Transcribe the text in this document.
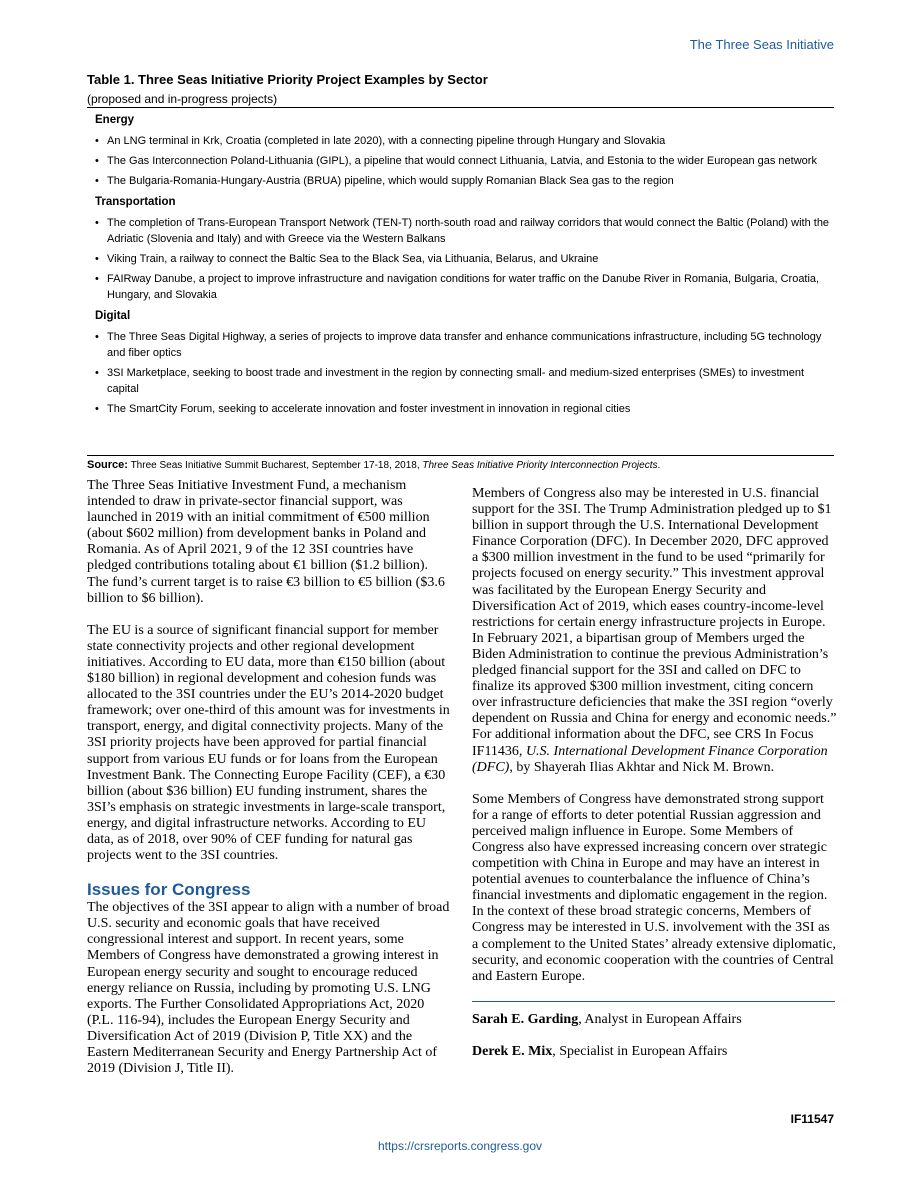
The Three Seas Initiative
Table 1. Three Seas Initiative Priority Project Examples by Sector
(proposed and in-progress projects)
Energy
• An LNG terminal in Krk, Croatia (completed in late 2020), with a connecting pipeline through Hungary and Slovakia
• The Gas Interconnection Poland-Lithuania (GIPL), a pipeline that would connect Lithuania, Latvia, and Estonia to the wider European gas network
• The Bulgaria-Romania-Hungary-Austria (BRUA) pipeline, which would supply Romanian Black Sea gas to the region
Transportation
• The completion of Trans-European Transport Network (TEN-T) north-south road and railway corridors that would connect the Baltic (Poland) with the Adriatic (Slovenia and Italy) and with Greece via the Western Balkans
• Viking Train, a railway to connect the Baltic Sea to the Black Sea, via Lithuania, Belarus, and Ukraine
• FAIRway Danube, a project to improve infrastructure and navigation conditions for water traffic on the Danube River in Romania, Bulgaria, Croatia, Hungary, and Slovakia
Digital
• The Three Seas Digital Highway, a series of projects to improve data transfer and enhance communications infrastructure, including 5G technology and fiber optics
• 3SI Marketplace, seeking to boost trade and investment in the region by connecting small- and medium-sized enterprises (SMEs) to investment capital
• The SmartCity Forum, seeking to accelerate innovation and foster investment in innovation in regional cities
Source: Three Seas Initiative Summit Bucharest, September 17-18, 2018, Three Seas Initiative Priority Interconnection Projects.

The Three Seas Initiative Investment Fund, a mechanism intended to draw in private-sector financial support, was launched in 2019 with an initial commitment of €500 million (about $602 million) from development banks in Poland and Romania. As of April 2021, 9 of the 12 3SI countries have pledged contributions totaling about €1 billion ($1.2 billion). The fund’s current target is to raise €3 billion to €5 billion ($3.6 billion to $6 billion).

The EU is a source of significant financial support for member state connectivity projects and other regional development initiatives. According to EU data, more than €150 billion (about $180 billion) in regional development and cohesion funds was allocated to the 3SI countries under the EU’s 2014-2020 budget framework; over one-third of this amount was for investments in transport, energy, and digital connectivity projects. Many of the 3SI priority projects have been approved for partial financial support from various EU funds or for loans from the European Investment Bank. The Connecting Europe Facility (CEF), a €30 billion (about $36 billion) EU funding instrument, shares the 3SI’s emphasis on strategic investments in large-scale transport, energy, and digital infrastructure networks. According to EU data, as of 2018, over 90% of CEF funding for natural gas projects went to the 3SI countries.

Issues for Congress

The objectives of the 3SI appear to align with a number of broad U.S. security and economic goals that have received congressional interest and support. In recent years, some Members of Congress have demonstrated a growing interest in European energy security and sought to encourage reduced energy reliance on Russia, including by promoting U.S. LNG exports. The Further Consolidated Appropriations Act, 2020 (P.L. 116-94), includes the European Energy Security and Diversification Act of 2019 (Division P, Title XX) and the Eastern Mediterranean Security and Energy Partnership Act of 2019 (Division J, Title II).

Members of Congress also may be interested in U.S. financial support for the 3SI. The Trump Administration pledged up to $1 billion in support through the U.S. International Development Finance Corporation (DFC). In December 2020, DFC approved a $300 million investment in the fund to be used “primarily for projects focused on energy security.” This investment approval was facilitated by the European Energy Security and Diversification Act of 2019, which eases country-income-level restrictions for certain energy infrastructure projects in Europe. In February 2021, a bipartisan group of Members urged the Biden Administration to continue the previous Administration’s pledged financial support for the 3SI and called on DFC to finalize its approved $300 million investment, citing concern over infrastructure deficiencies that make the 3SI region “overly dependent on Russia and China for energy and economic needs.” For additional information about the DFC, see CRS In Focus IF11436, U.S. International Development Finance Corporation (DFC), by Shayerah Ilias Akhtar and Nick M. Brown.

Some Members of Congress have demonstrated strong support for a range of efforts to deter potential Russian aggression and perceived malign influence in Europe. Some Members of Congress also have expressed increasing concern over strategic competition with China in Europe and may have an interest in potential avenues to counterbalance the influence of China’s financial investments and diplomatic engagement in the region. In the context of these broad strategic concerns, Members of Congress may be interested in U.S. involvement with the 3SI as a complement to the United States’ already extensive diplomatic, security, and economic cooperation with the countries of Central and Eastern Europe.

Sarah E. Garding, Analyst in European Affairs

Derek E. Mix, Specialist in European Affairs

IF11547
https://crsreports.congress.gov
